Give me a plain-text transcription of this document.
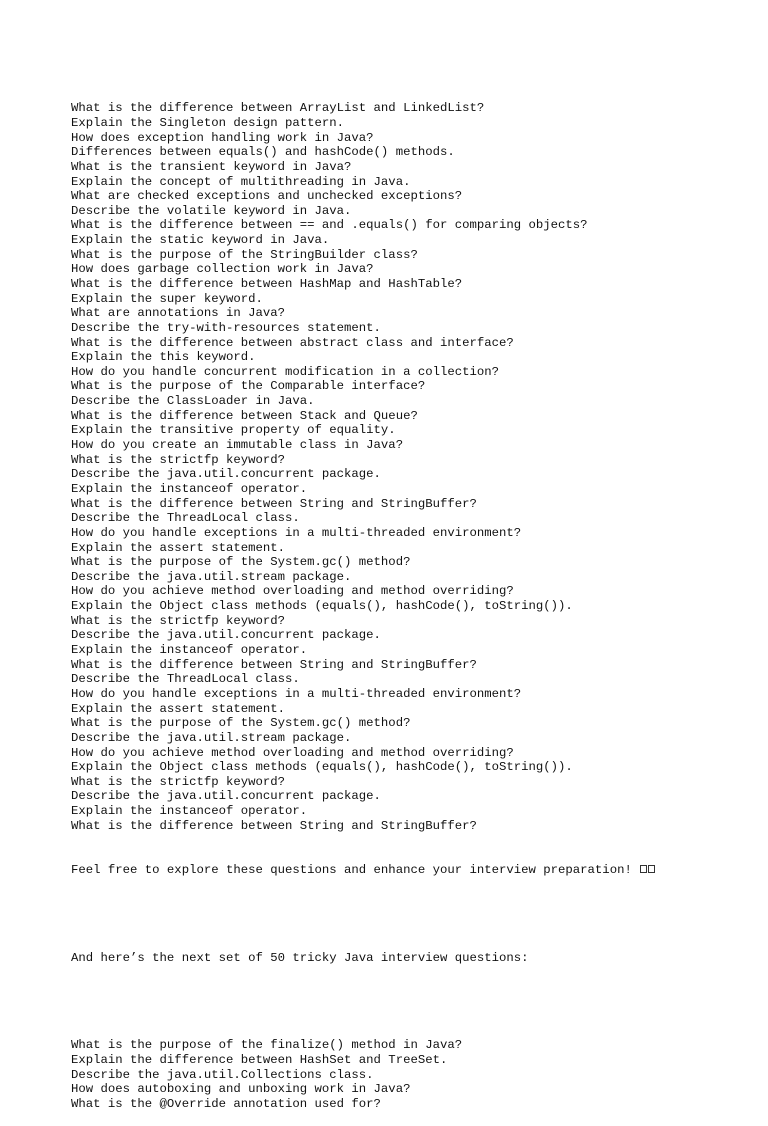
What is the difference between ArrayList and LinkedList?
Explain the Singleton design pattern.
How does exception handling work in Java?
Differences between equals() and hashCode() methods.
What is the transient keyword in Java?
Explain the concept of multithreading in Java.
What are checked exceptions and unchecked exceptions?
Describe the volatile keyword in Java.
What is the difference between == and .equals() for comparing objects?
Explain the static keyword in Java.
What is the purpose of the StringBuilder class?
How does garbage collection work in Java?
What is the difference between HashMap and HashTable?
Explain the super keyword.
What are annotations in Java?
Describe the try-with-resources statement.
What is the difference between abstract class and interface?
Explain the this keyword.
How do you handle concurrent modification in a collection?
What is the purpose of the Comparable interface?
Describe the ClassLoader in Java.
What is the difference between Stack and Queue?
Explain the transitive property of equality.
How do you create an immutable class in Java?
What is the strictfp keyword?
Describe the java.util.concurrent package.
Explain the instanceof operator.
What is the difference between String and StringBuffer?
Describe the ThreadLocal class.
How do you handle exceptions in a multi-threaded environment?
Explain the assert statement.
What is the purpose of the System.gc() method?
Describe the java.util.stream package.
How do you achieve method overloading and method overriding?
Explain the Object class methods (equals(), hashCode(), toString()).
What is the strictfp keyword?
Describe the java.util.concurrent package.
Explain the instanceof operator.
What is the difference between String and StringBuffer?
Describe the ThreadLocal class.
How do you handle exceptions in a multi-threaded environment?
Explain the assert statement.
What is the purpose of the System.gc() method?
Describe the java.util.stream package.
How do you achieve method overloading and method overriding?
Explain the Object class methods (equals(), hashCode(), toString()).
What is the strictfp keyword?
Describe the java.util.concurrent package.
Explain the instanceof operator.
What is the difference between String and StringBuffer?

Feel free to explore these questions and enhance your interview preparation!

And here’s the next set of 50 tricky Java interview questions:

What is the purpose of the finalize() method in Java?
Explain the difference between HashSet and TreeSet.
Describe the java.util.Collections class.
How does autoboxing and unboxing work in Java?
What is the @Override annotation used for?
